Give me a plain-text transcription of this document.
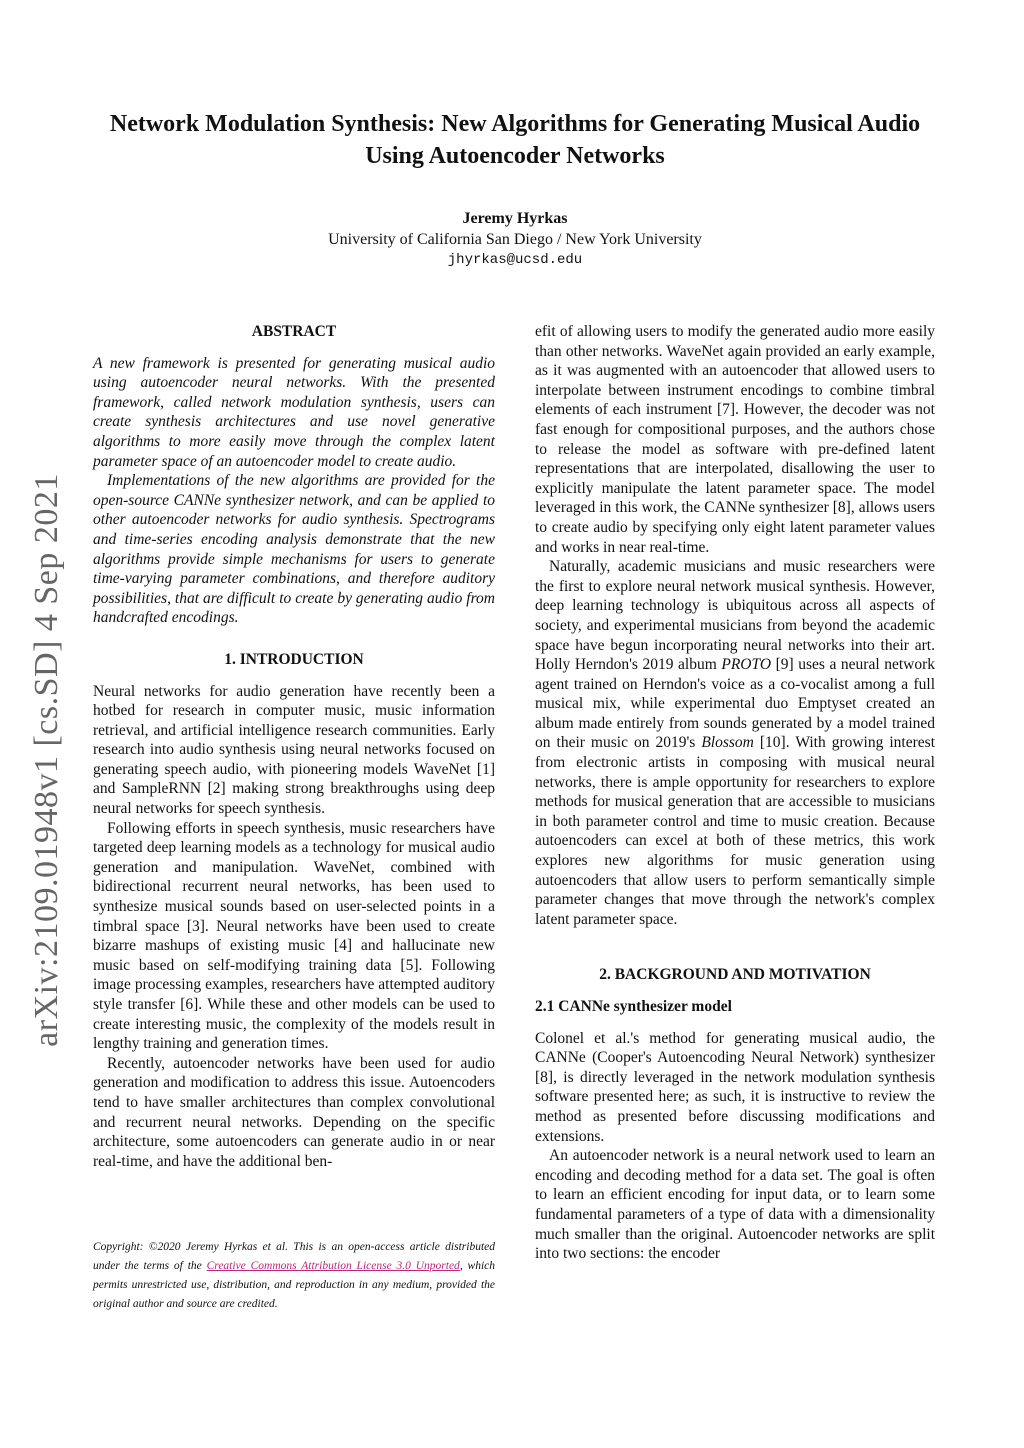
arXiv:2109.01948v1 [cs.SD] 4 Sep 2021
Network Modulation Synthesis: New Algorithms for Generating Musical Audio Using Autoencoder Networks
Jeremy Hyrkas
University of California San Diego / New York University
jhyrkas@ucsd.edu
ABSTRACT

A new framework is presented for generating musical audio using autoencoder neural networks. With the presented framework, called network modulation synthesis, users can create synthesis architectures and use novel generative algorithms to more easily move through the complex latent parameter space of an autoencoder model to create audio.

Implementations of the new algorithms are provided for the open-source CANNe synthesizer network, and can be applied to other autoencoder networks for audio synthesis. Spectrograms and time-series encoding analysis demonstrate that the new algorithms provide simple mechanisms for users to generate time-varying parameter combinations, and therefore auditory possibilities, that are difficult to create by generating audio from handcrafted encodings.

1. INTRODUCTION

Neural networks for audio generation have recently been a hotbed for research in computer music, music information retrieval, and artificial intelligence research communities. Early research into audio synthesis using neural networks focused on generating speech audio, with pioneering models WaveNet [1] and SampleRNN [2] making strong breakthroughs using deep neural networks for speech synthesis.

Following efforts in speech synthesis, music researchers have targeted deep learning models as a technology for musical audio generation and manipulation. WaveNet, combined with bidirectional recurrent neural networks, has been used to synthesize musical sounds based on user-selected points in a timbral space [3]. Neural networks have been used to create bizarre mashups of existing music [4] and hallucinate new music based on self-modifying training data [5]. Following image processing examples, researchers have attempted auditory style transfer [6]. While these and other models can be used to create interesting music, the complexity of the models result in lengthy training and generation times.

Recently, autoencoder networks have been used for audio generation and modification to address this issue. Autoencoders tend to have smaller architectures than complex convolutional and recurrent neural networks. Depending on the specific architecture, some autoencoders can generate audio in or near real-time, and have the additional ben-

Copyright: ©2020 Jeremy Hyrkas et al. This is an open-access article distributed under the terms of the Creative Commons Attribution License 3.0 Unported, which permits unrestricted use, distribution, and reproduction in any medium, provided the original author and source are credited.

efit of allowing users to modify the generated audio more easily than other networks. WaveNet again provided an early example, as it was augmented with an autoencoder that allowed users to interpolate between instrument encodings to combine timbral elements of each instrument [7]. However, the decoder was not fast enough for compositional purposes, and the authors chose to release the model as software with pre-defined latent representations that are interpolated, disallowing the user to explicitly manipulate the latent parameter space. The model leveraged in this work, the CANNe synthesizer [8], allows users to create audio by specifying only eight latent parameter values and works in near real-time.

Naturally, academic musicians and music researchers were the first to explore neural network musical synthesis. However, deep learning technology is ubiquitous across all aspects of society, and experimental musicians from beyond the academic space have begun incorporating neural networks into their art. Holly Herndon's 2019 album PROTO [9] uses a neural network agent trained on Herndon's voice as a co-vocalist among a full musical mix, while experimental duo Emptyset created an album made entirely from sounds generated by a model trained on their music on 2019's Blossom [10]. With growing interest from electronic artists in composing with musical neural networks, there is ample opportunity for researchers to explore methods for musical generation that are accessible to musicians in both parameter control and time to music creation. Because autoencoders can excel at both of these metrics, this work explores new algorithms for music generation using autoencoders that allow users to perform semantically simple parameter changes that move through the network's complex latent parameter space.

2. BACKGROUND AND MOTIVATION
2.1 CANNe synthesizer model

Colonel et al.'s method for generating musical audio, the CANNe (Cooper's Autoencoding Neural Network) synthesizer [8], is directly leveraged in the network modulation synthesis software presented here; as such, it is instructive to review the method as presented before discussing modifications and extensions.

An autoencoder network is a neural network used to learn an encoding and decoding method for a data set. The goal is often to learn an efficient encoding for input data, or to learn some fundamental parameters of a type of data with a dimensionality much smaller than the original. Autoencoder networks are split into two sections: the encoder
